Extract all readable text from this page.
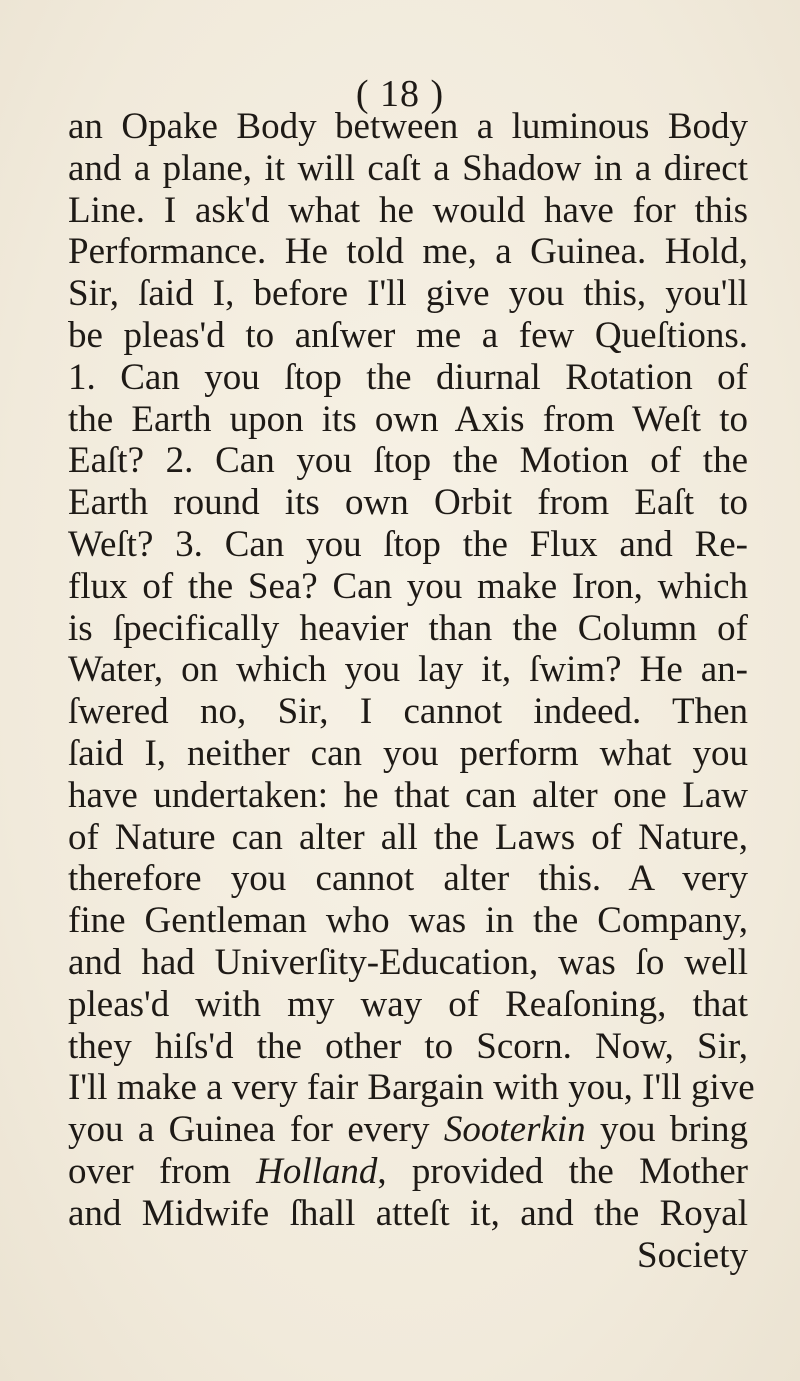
( 18 )
an Opake Body between a luminous Body
and a plane, it will caſt a Shadow in a direct
Line. I ask'd what he would have for this
Performance. He told me, a Guinea. Hold,
Sir, ſaid I, before I'll give you this, you'll
be pleas'd to anſwer me a few Queſtions.
1. Can you ſtop the diurnal Rotation of
the Earth upon its own Axis from Weſt to
Eaſt? 2. Can you ſtop the Motion of the
Earth round its own Orbit from Eaſt to
Weſt? 3. Can you ſtop the Flux and Re-
flux of the Sea? Can you make Iron, which
is ſpecifically heavier than the Column of
Water, on which you lay it, ſwim? He an-
ſwered no, Sir, I cannot indeed. Then
ſaid I, neither can you perform what you
have undertaken: he that can alter one Law
of Nature can alter all the Laws of Nature,
therefore you cannot alter this. A very
fine Gentleman who was in the Company,
and had Univerſity-Education, was ſo well
pleas'd with my way of Reaſoning, that
they hiſs'd the other to Scorn. Now, Sir,
I'll make a very fair Bargain with you, I'll give
you a Guinea for every Sooterkin you bring
over from Holland, provided the Mother
and Midwife ſhall atteſt it, and the Royal
Society
